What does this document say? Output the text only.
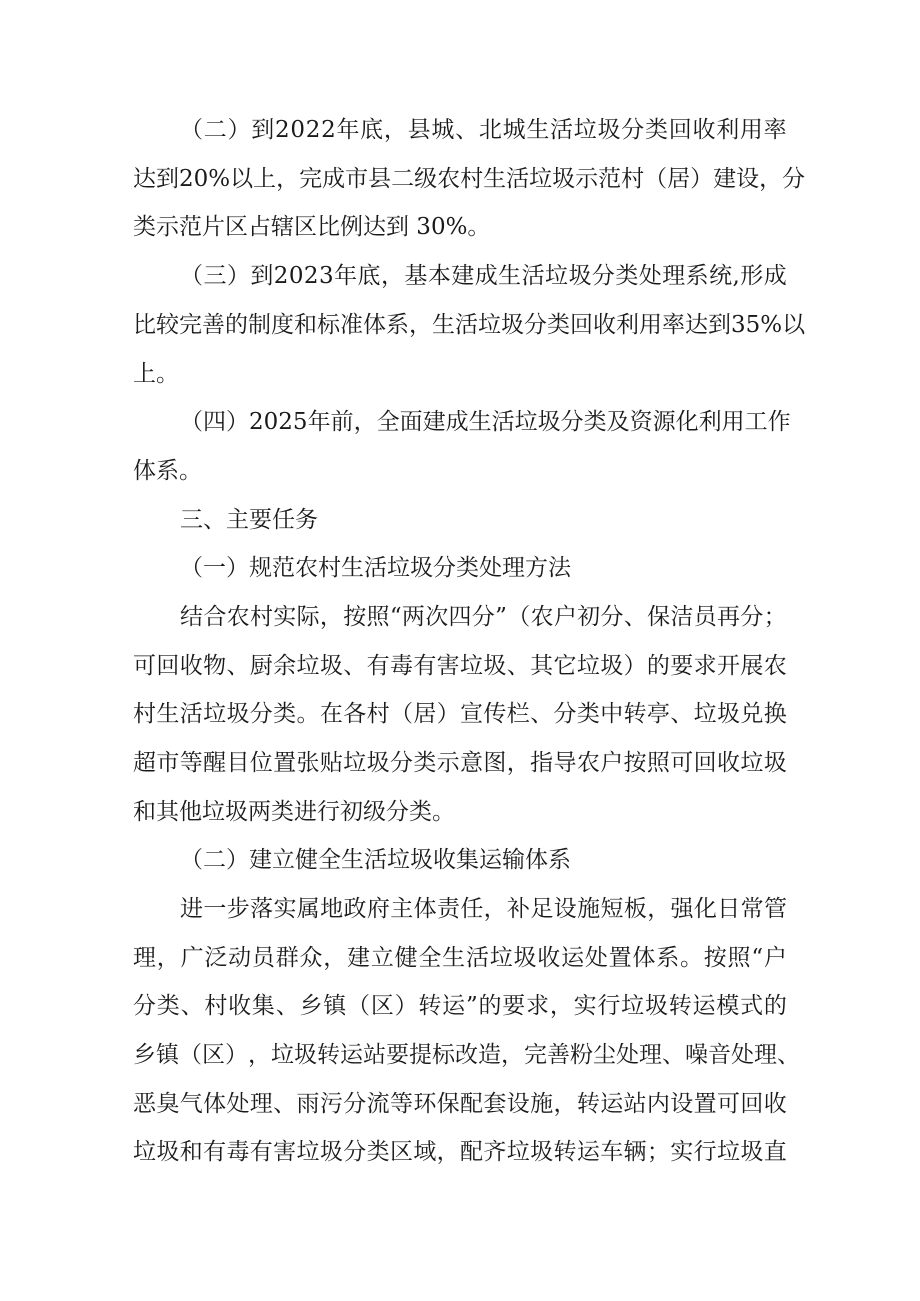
（ 二 ） 到 2 0 2 2 年 底 ， 县 城 、 北 城 生 活 垃 圾 分 类 回 收 利 用 率
达 到 2 0 % 以 上 ， 完 成 市 县 二 级 农 村 生 活 垃 圾 示 范 村 （ 居 ） 建 设 ， 分
类示范片区占辖区比例达到 30%。
（ 三 ） 到 2 0 2 3 年 底 ， 基 本 建 成 生 活 垃 圾 分 类 处 理 系 统 , 形 成
比 较 完 善 的 制 度 和 标 准 体 系 ， 生 活 垃 圾 分 类 回 收 利 用 率 达 到 3 5 % 以
上。
（ 四 ） 2 0 2 5 年 前 ， 全 面 建 成 生 活 垃 圾 分 类 及 资 源 化 利 用 工 作
体系。
三、主要任务
（一）规范农村生活垃圾分类处理方法
结 合 农 村 实 际 ， 按 照 “ 两 次 四 分 ” （ 农 户 初 分 、 保 洁 员 再 分 ；
可 回 收 物 、 厨 余 垃 圾 、 有 毒 有 害 垃 圾 、 其 它 垃 圾 ） 的 要 求 开 展 农
村 生 活 垃 圾 分 类 。 在 各 村 （ 居 ） 宣 传 栏 、 分 类 中 转 亭 、 垃 圾 兑 换
超 市 等 醒 目 位 置 张 贴 垃 圾 分 类 示 意 图 ， 指 导 农 户 按 照 可 回 收 垃 圾
和其他垃圾两类进行初级分类。
（二）建立健全生活垃圾收集运输体系
进 一 步 落 实 属 地 政 府 主 体 责 任 ， 补 足 设 施 短 板 ， 强 化 日 常 管
理 ， 广 泛 动 员 群 众 ， 建 立 健 全 生 活 垃 圾 收 运 处 置 体 系 。 按 照 “ 户
分 类 、 村 收 集 、 乡 镇 （ 区 ） 转 运 ” 的 要 求 ， 实 行 垃 圾 转 运 模 式 的
乡 镇 （ 区 ） ， 垃 圾 转 运 站 要 提 标 改 造 ， 完 善 粉 尘 处 理 、 噪 音 处 理 、
恶 臭 气 体 处 理 、 雨 污 分 流 等 环 保 配 套 设 施 ， 转 运 站 内 设 置 可 回 收
垃 圾 和 有 毒 有 害 垃 圾 分 类 区 域 ， 配 齐 垃 圾 转 运 车 辆 ； 实 行 垃 圾 直
